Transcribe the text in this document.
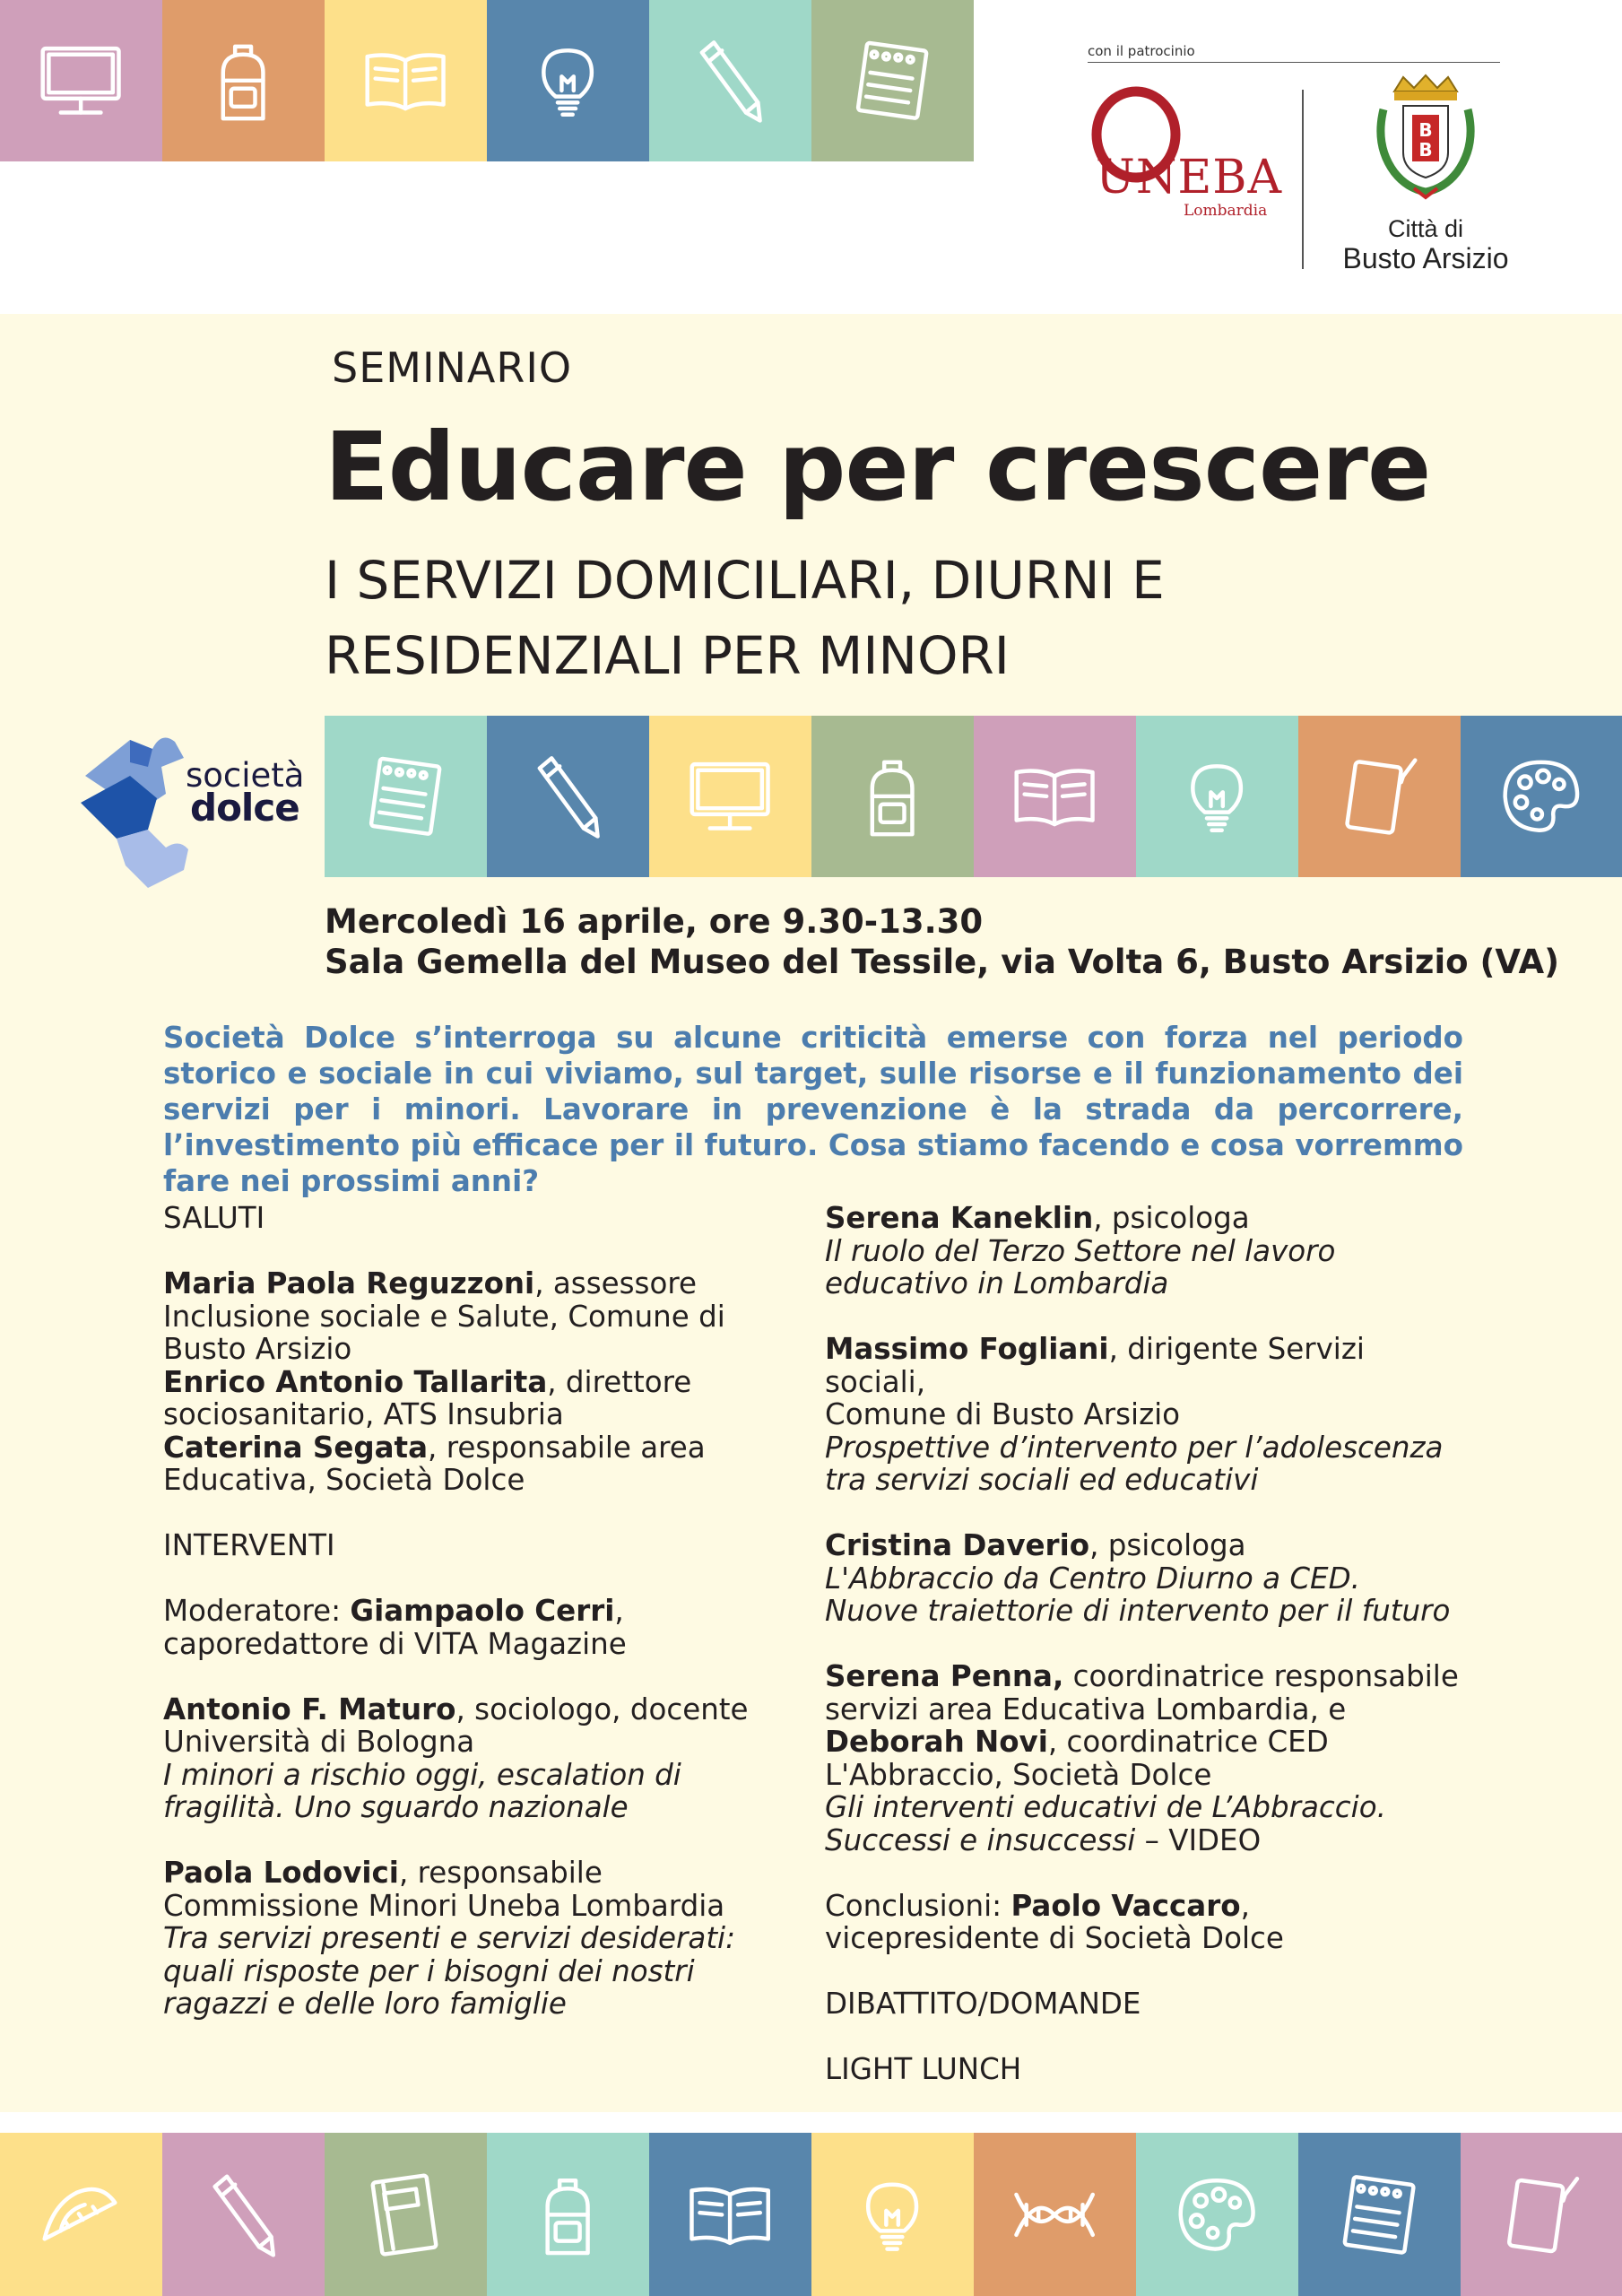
con il patrocinio
UNEBA
Lombardia
B
B
Città di
Busto Arsizio
SEMINARIO
Educare per crescere
I SERVIZI DOMICILIARI, DIURNI E
RESIDENZIALI PER MINORI
società
dolce
Mercoledì 16 aprile, ore 9.30-13.30
Sala Gemella del Museo del Tessile, via Volta 6, Busto Arsizio (VA)
Società Dolce s’interroga su alcune criticità emerse con forza nel periodo storico e sociale in cui viviamo, sul target, sulle risorse e il funzionamento dei servizi per i minori. Lavorare in prevenzione è la strada da percorrere, l’investimento più efficace per il futuro. Cosa stiamo facendo e cosa vorremmo fare nei prossimi anni?

SALUTI

Maria Paola Reguzzoni, assessore

Inclusione sociale e Salute, Comune di

Busto Arsizio

Enrico Antonio Tallarita, direttore

sociosanitario, ATS Insubria

Caterina Segata, responsabile area

Educativa, Società Dolce

INTERVENTI

Moderatore: Giampaolo Cerri,

caporedattore di VITA Magazine

Antonio F. Maturo, sociologo, docente

Università di Bologna

I minori a rischio oggi, escalation di

fragilità. Uno sguardo nazionale

Paola Lodovici, responsabile

Commissione Minori Uneba Lombardia

Tra servizi presenti e servizi desiderati:

quali risposte per i bisogni dei nostri

ragazzi e delle loro famiglie

Serena Kaneklin, psicologa

Il ruolo del Terzo Settore nel lavoro

educativo in Lombardia

Massimo Fogliani, dirigente Servizi sociali,

Comune di Busto Arsizio

Prospettive d’intervento per l’adolescenza

tra servizi sociali ed educativi

Cristina Daverio, psicologa

L'Abbraccio da Centro Diurno a CED.

Nuove traiettorie di intervento per il futuro

Serena Penna, coordinatrice responsabile

servizi area Educativa Lombardia, e

Deborah Novi, coordinatrice CED

L'Abbraccio, Società Dolce

Gli interventi educativi de L’Abbraccio.

Successi e insuccessi – VIDEO

Conclusioni: Paolo Vaccaro,

vicepresidente di Società Dolce

DIBATTITO/DOMANDE

LIGHT LUNCH
